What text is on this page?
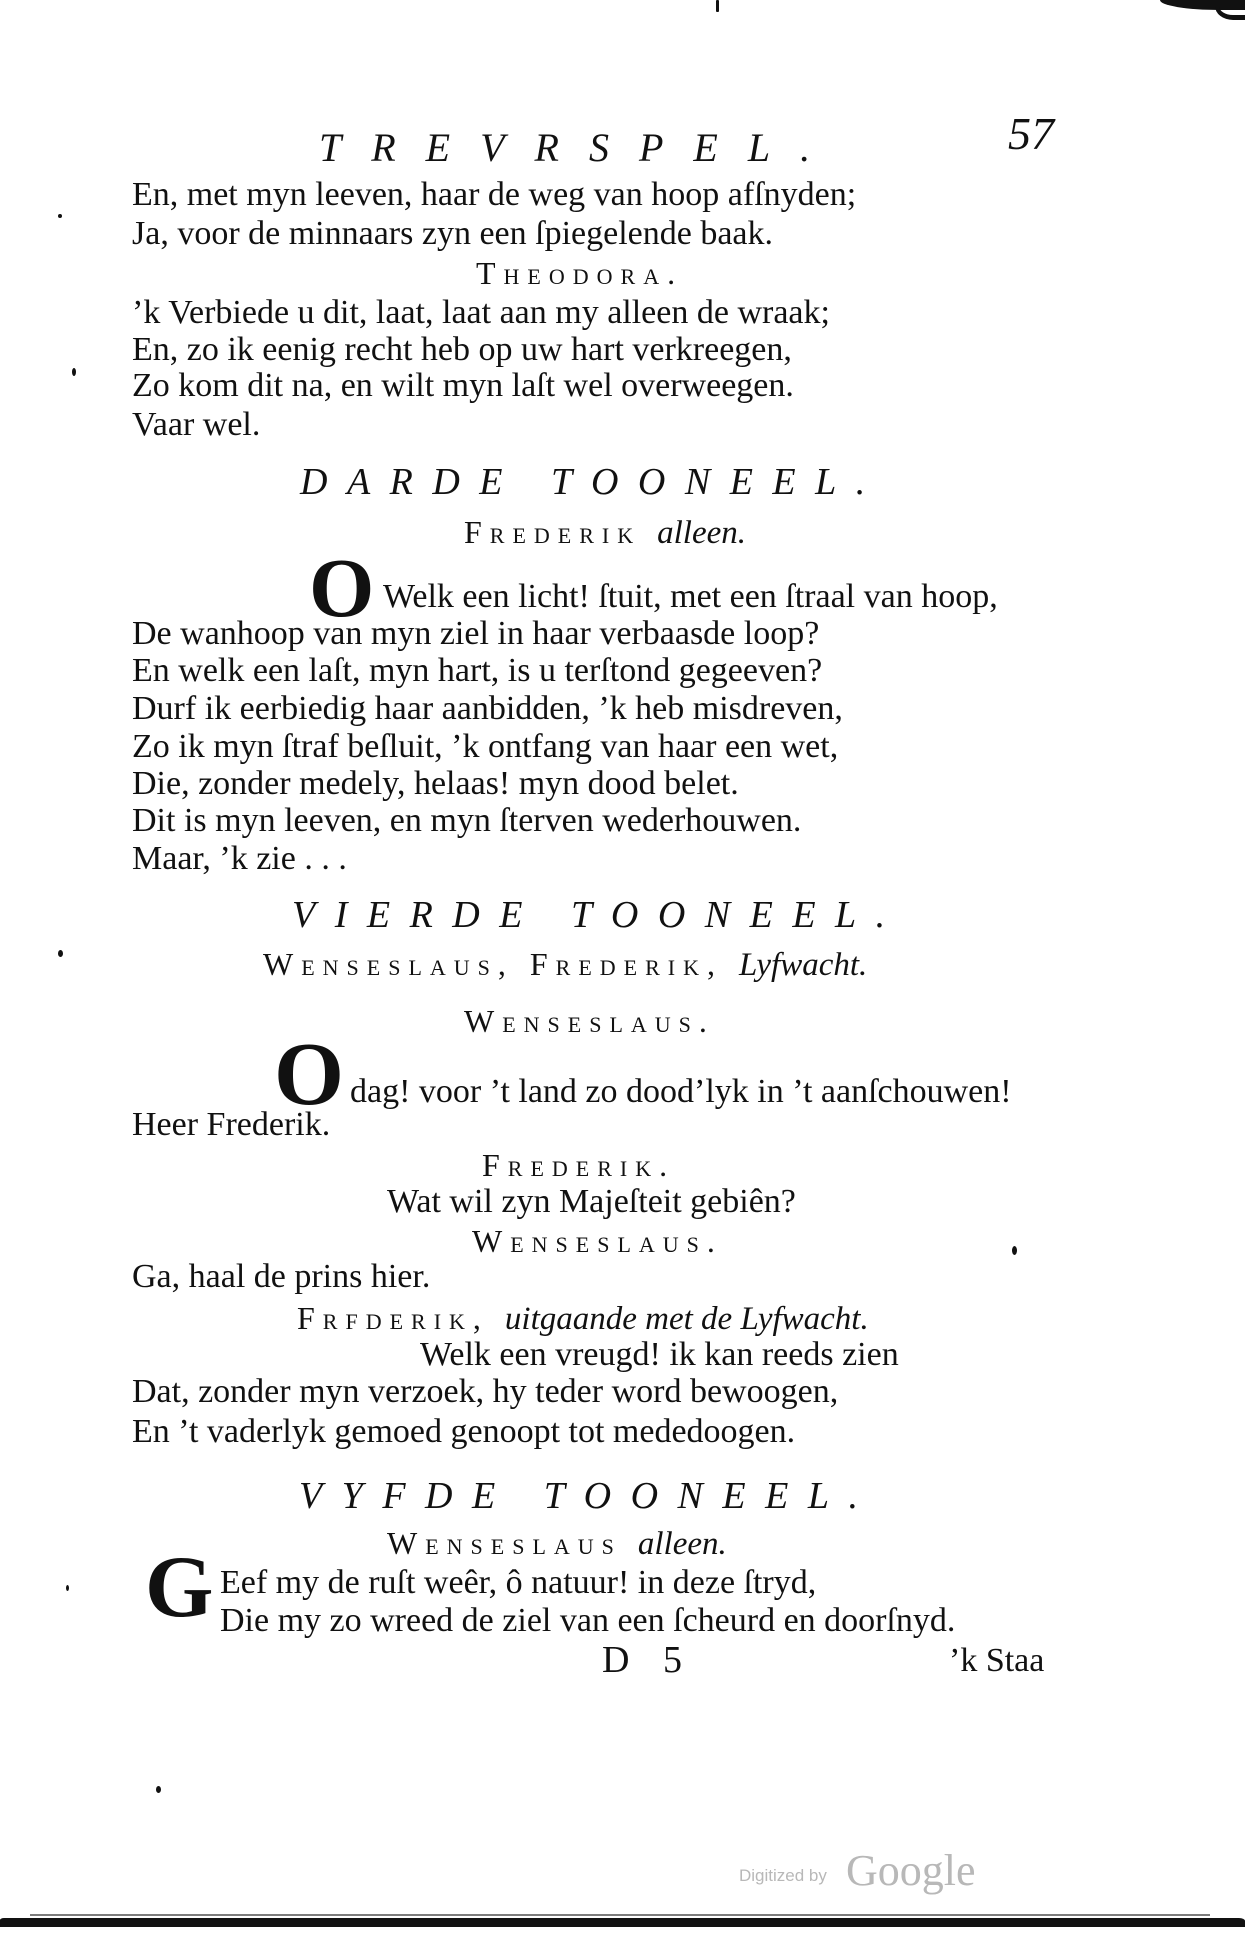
TREVRSPEL.	57
En, met myn leeven, haar de weg van hoop afſnyden;
Ja, voor de minnaars zyn een ſpiegelende baak.
Theodora.
’k Verbiede u dit, laat, laat aan my alleen de wraak;
En, zo ik eenig recht heb op uw hart verkreegen,
Zo kom dit na, en wilt myn laſt wel overweegen.
Vaar wel.
DARDE TOONEEL.
Frederik alleen.
O Welk een licht! ſtuit, met een ſtraal van hoop,
De wanhoop van myn ziel in haar verbaasde loop?
En welk een laſt, myn hart, is u terſtond gegeeven?
Durf ik eerbiedig haar aanbidden, ’k heb misdreven,
Zo ik myn ſtraf beſluit, ’k ontfang van haar een wet,
Die, zonder medely, helaas! myn dood belet.
Dit is myn leeven, en myn ſterven wederhouwen.
Maar, ’k zie . . .
VIERDE TOONEEL.
Wenseslaus, Frederik, Lyfwacht.
Wenseslaus.
O dag! voor ’t land zo dood’lyk in ’t aanſchouwen!
Heer Frederik.
Frederik.
Wat wil zyn Majeſteit gebiên?
Wenseslaus.
Ga, haal de prins hier.
Frfderik, uitgaande met de Lyfwacht.
Welk een vreugd! ik kan reeds zien
Dat, zonder myn verzoek, hy teder word bewoogen,
En ’t vaderlyk gemoed genoopt tot mededoogen.
VYFDE TOONEEL.
Wenseslaus alleen.
G Eef my de ruſt weêr, ô natuur! in deze ſtryd,
Die my zo wreed de ziel van een ſcheurd en doorſnyd.
D 5	’k Staa
Digitized by Google
